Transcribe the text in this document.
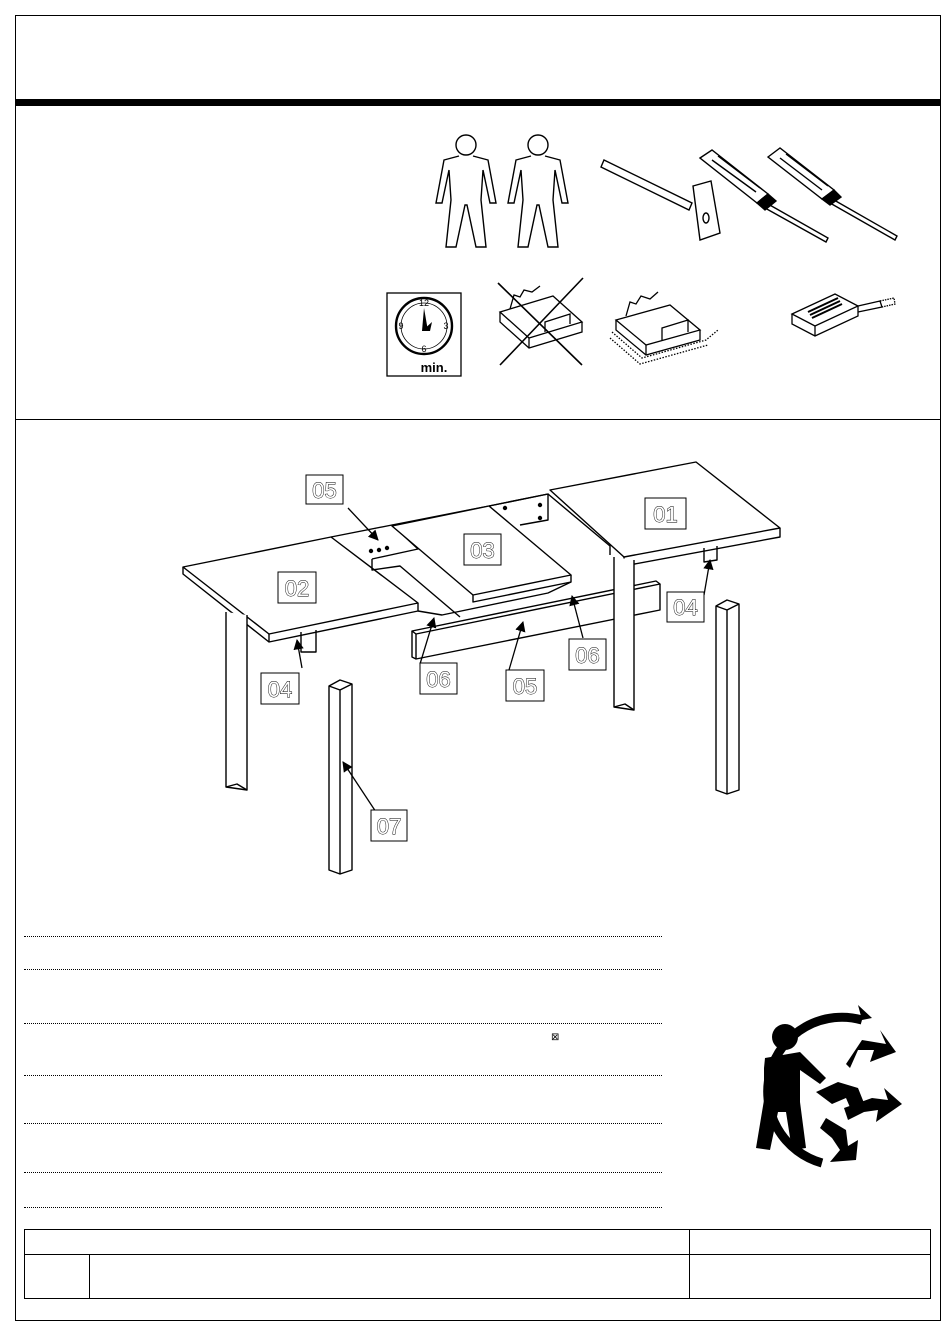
12
3
6
9
min.
05
01
03
02
04
06
06
04	05
07
⊠
